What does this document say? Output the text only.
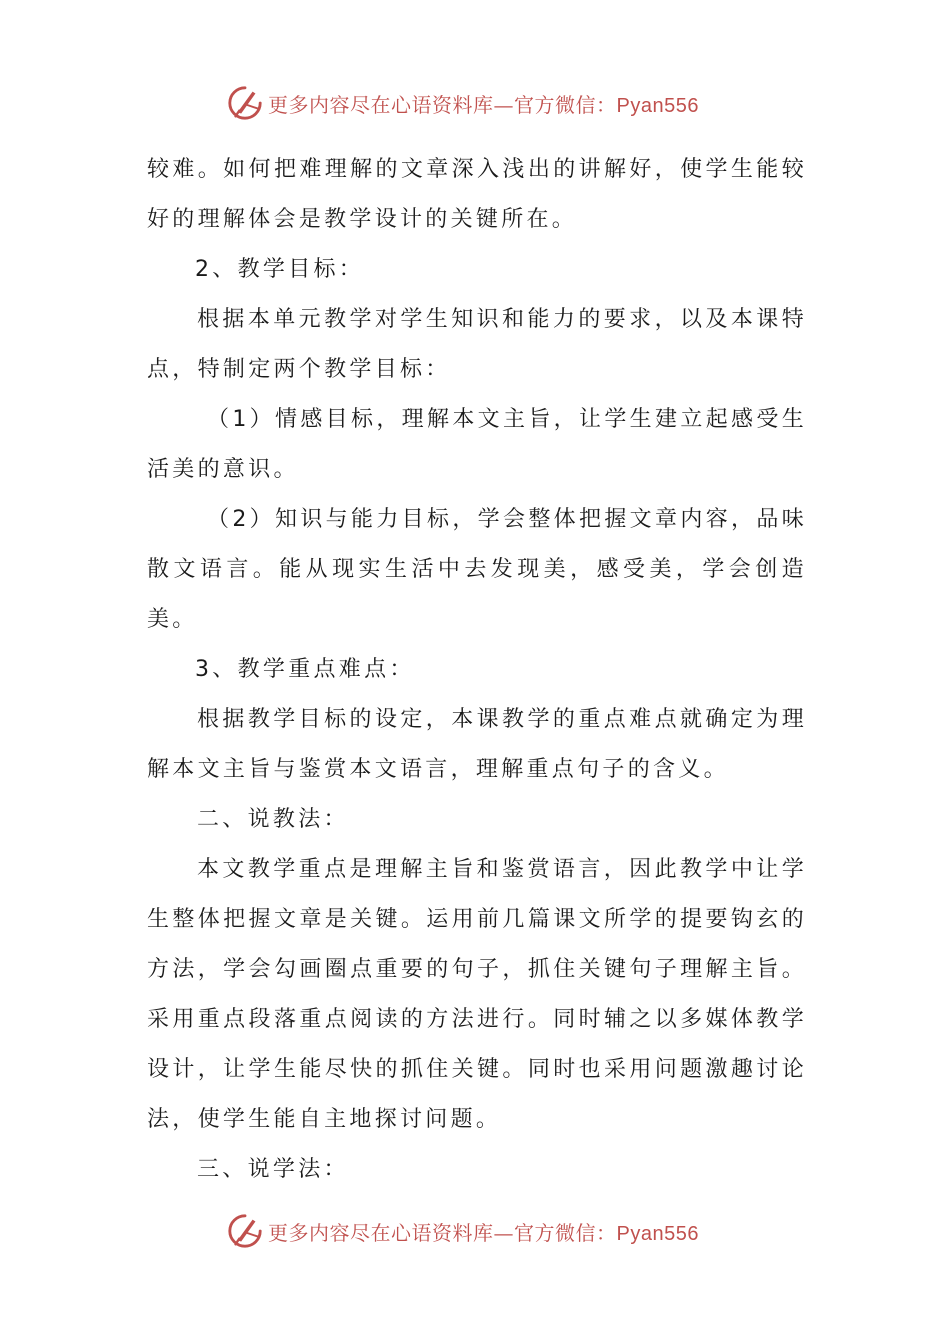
更多内容尽在心语资料库—官方微信：Pyan556

较难。如何把难理解的文章深入浅出的讲解好，使学生能较好的理解体会是教学设计的关键所在。

2、教学目标：

根据本单元教学对学生知识和能力的要求，以及本课特点，特制定两个教学目标：

（1）情感目标，理解本文主旨，让学生建立起感受生活美的意识。

（2）知识与能力目标，学会整体把握文章内容，品味散文语言。能从现实生活中去发现美，感受美，学会创造美。

3、教学重点难点：

根据教学目标的设定，本课教学的重点难点就确定为理解本文主旨与鉴赏本文语言，理解重点句子的含义。

二、说教法：

本文教学重点是理解主旨和鉴赏语言，因此教学中让学生整体把握文章是关键。运用前几篇课文所学的提要钩玄的方法，学会勾画圈点重要的句子，抓住关键句子理解主旨。采用重点段落重点阅读的方法进行。同时辅之以多媒体教学设计，让学生能尽快的抓住关键。同时也采用问题激趣讨论法，使学生能自主地探讨问题。

三、说学法：

更多内容尽在心语资料库—官方微信：Pyan556
